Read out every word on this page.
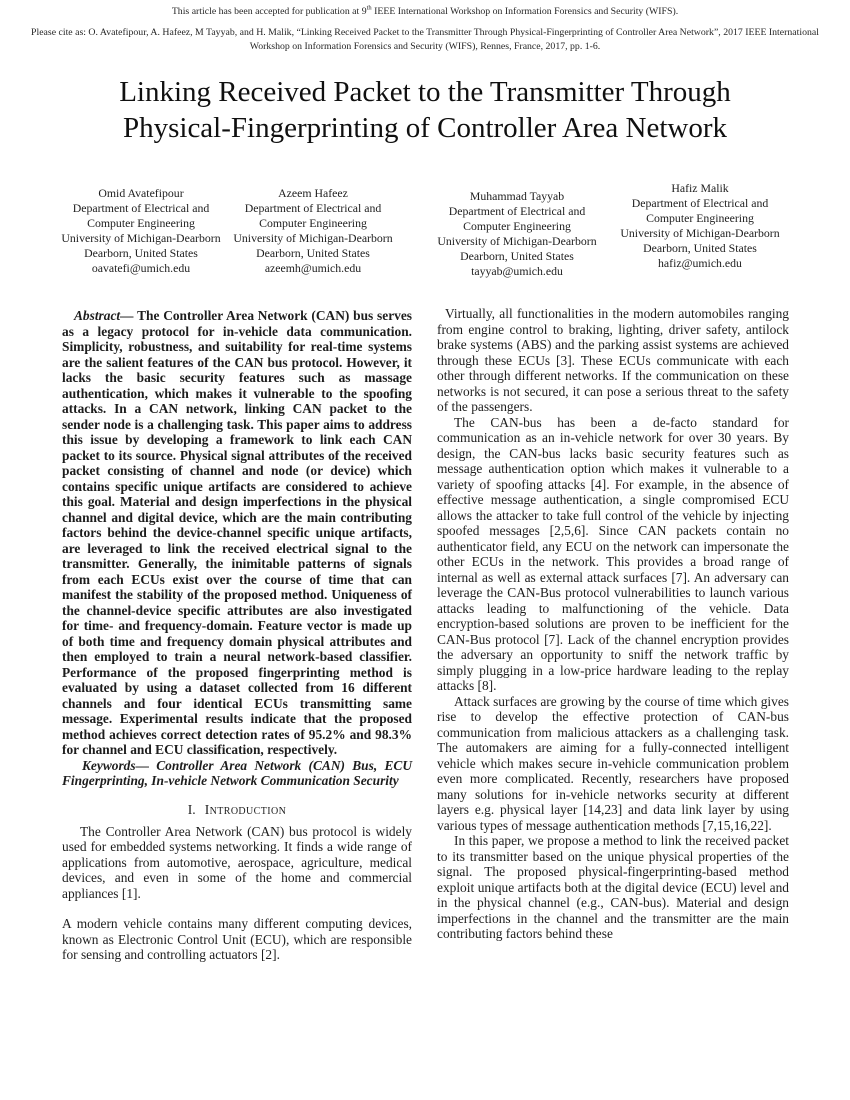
This article has been accepted for publication at 9th IEEE International Workshop on Information Forensics and Security (WIFS).
Please cite as: O. Avatefipour, A. Hafeez, M Tayyab, and H. Malik, “Linking Received Packet to the Transmitter Through Physical-Fingerprinting of Controller Area Network”, 2017 IEEE International Workshop on Information Forensics and Security (WIFS), Rennes, France, 2017, pp. 1-6.
Linking Received Packet to the Transmitter Through
Physical-Fingerprinting of Controller Area Network
Omid Avatefipour
Department of Electrical and
Computer Engineering
University of Michigan-Dearborn
Dearborn, United States
oavatefi@umich.edu
Azeem Hafeez
Department of Electrical and
Computer Engineering
University of Michigan-Dearborn
Dearborn, United States
azeemh@umich.edu
Muhammad Tayyab
Department of Electrical and
Computer Engineering
University of Michigan-Dearborn
Dearborn, United States
tayyab@umich.edu
Hafiz Malik
Department of Electrical and
Computer Engineering
University of Michigan-Dearborn
Dearborn, United States
hafiz@umich.edu

Abstract— The Controller Area Network (CAN) bus serves as a legacy protocol for in-vehicle data communication. Simplicity, robustness, and suitability for real-time systems are the salient features of the CAN bus protocol. However, it lacks the basic security features such as massage authentication, which makes it vulnerable to the spoofing attacks. In a CAN network, linking CAN packet to the sender node is a challenging task. This paper aims to address this issue by developing a framework to link each CAN packet to its source. Physical signal attributes of the received packet consisting of channel and node (or device) which contains specific unique artifacts are considered to achieve this goal. Material and design imperfections in the physical channel and digital device, which are the main contributing factors behind the device-channel specific unique artifacts, are leveraged to link the received electrical signal to the transmitter. Generally, the inimitable patterns of signals from each ECUs exist over the course of time that can manifest the stability of the proposed method. Uniqueness of the channel-device specific attributes are also investigated for time- and frequency-domain. Feature vector is made up of both time and frequency domain physical attributes and then employed to train a neural network-based classifier. Performance of the proposed fingerprinting method is evaluated by using a dataset collected from 16 different channels and four identical ECUs transmitting same message. Experimental results indicate that the proposed method achieves correct detection rates of 95.2% and 98.3% for channel and ECU classification, respectively.

Keywords— Controller Area Network (CAN) Bus, ECU Fingerprinting, In-vehicle Network Communication Security

I. Introduction

The Controller Area Network (CAN) bus protocol is widely used for embedded systems networking. It finds a wide range of applications from automotive, aerospace, agriculture, medical devices, and even in some of the home and commercial appliances [1].

A modern vehicle contains many different computing devices, known as Electronic Control Unit (ECU), which are responsible for sensing and controlling actuators [2].

Virtually, all functionalities in the modern automobiles ranging from engine control to braking, lighting, driver safety, antilock brake systems (ABS) and the parking assist systems are achieved through these ECUs [3]. These ECUs communicate with each other through different networks. If the communication on these networks is not secured, it can pose a serious threat to the safety of the passengers.

The CAN-bus has been a de-facto standard for communication as an in-vehicle network for over 30 years. By design, the CAN-bus lacks basic security features such as message authentication option which makes it vulnerable to a variety of spoofing attacks [4]. For example, in the absence of effective message authentication, a single compromised ECU allows the attacker to take full control of the vehicle by injecting spoofed messages [2,5,6]. Since CAN packets contain no authenticator field, any ECU on the network can impersonate the other ECUs in the network. This provides a broad range of internal as well as external attack surfaces [7]. An adversary can leverage the CAN-Bus protocol vulnerabilities to launch various attacks leading to malfunctioning of the vehicle. Data encryption-based solutions are proven to be inefficient for the CAN-Bus protocol [7]. Lack of the channel encryption provides the adversary an opportunity to sniff the network traffic by simply plugging in a low-price hardware leading to the replay attacks [8].

Attack surfaces are growing by the course of time which gives rise to develop the effective protection of CAN-bus communication from malicious attackers as a challenging task. The automakers are aiming for a fully-connected intelligent vehicle which makes secure in-vehicle communication problem even more complicated. Recently, researchers have proposed many solutions for in-vehicle networks security at different layers e.g. physical layer [14,23] and data link layer by using various types of message authentication methods [7,15,16,22].

In this paper, we propose a method to link the received packet to its transmitter based on the unique physical properties of the signal. The proposed physical-fingerprinting-based method exploit unique artifacts both at the digital device (ECU) level and in the physical channel (e.g., CAN-bus). Material and design imperfections in the channel and the transmitter are the main contributing factors behind these
